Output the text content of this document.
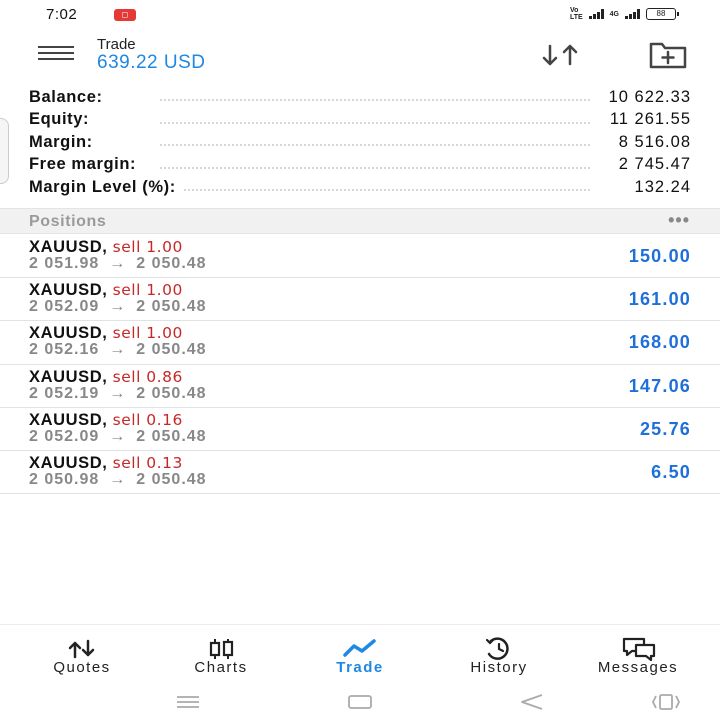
7:02	◻	Vo
LTE	4G	88
Trade
639.22 USD
Balance:	10 622.33
Equity:	11 261.55
Margin:	8 516.08
Free margin:	2 745.47
Margin Level (%):	132.24
Positions	•••
XAUUSD, sell 1.00
2 051.98 → 2 050.48	150.00
XAUUSD, sell 1.00
2 052.09 → 2 050.48	161.00
XAUUSD, sell 1.00
2 052.16 → 2 050.48	168.00
XAUUSD, sell 0.86
2 052.19 → 2 050.48	147.06
XAUUSD, sell 0.16
2 052.09 → 2 050.48	25.76
XAUUSD, sell 0.13
2 050.98 → 2 050.48	6.50
Quotes	Charts	Trade	History	Messages
